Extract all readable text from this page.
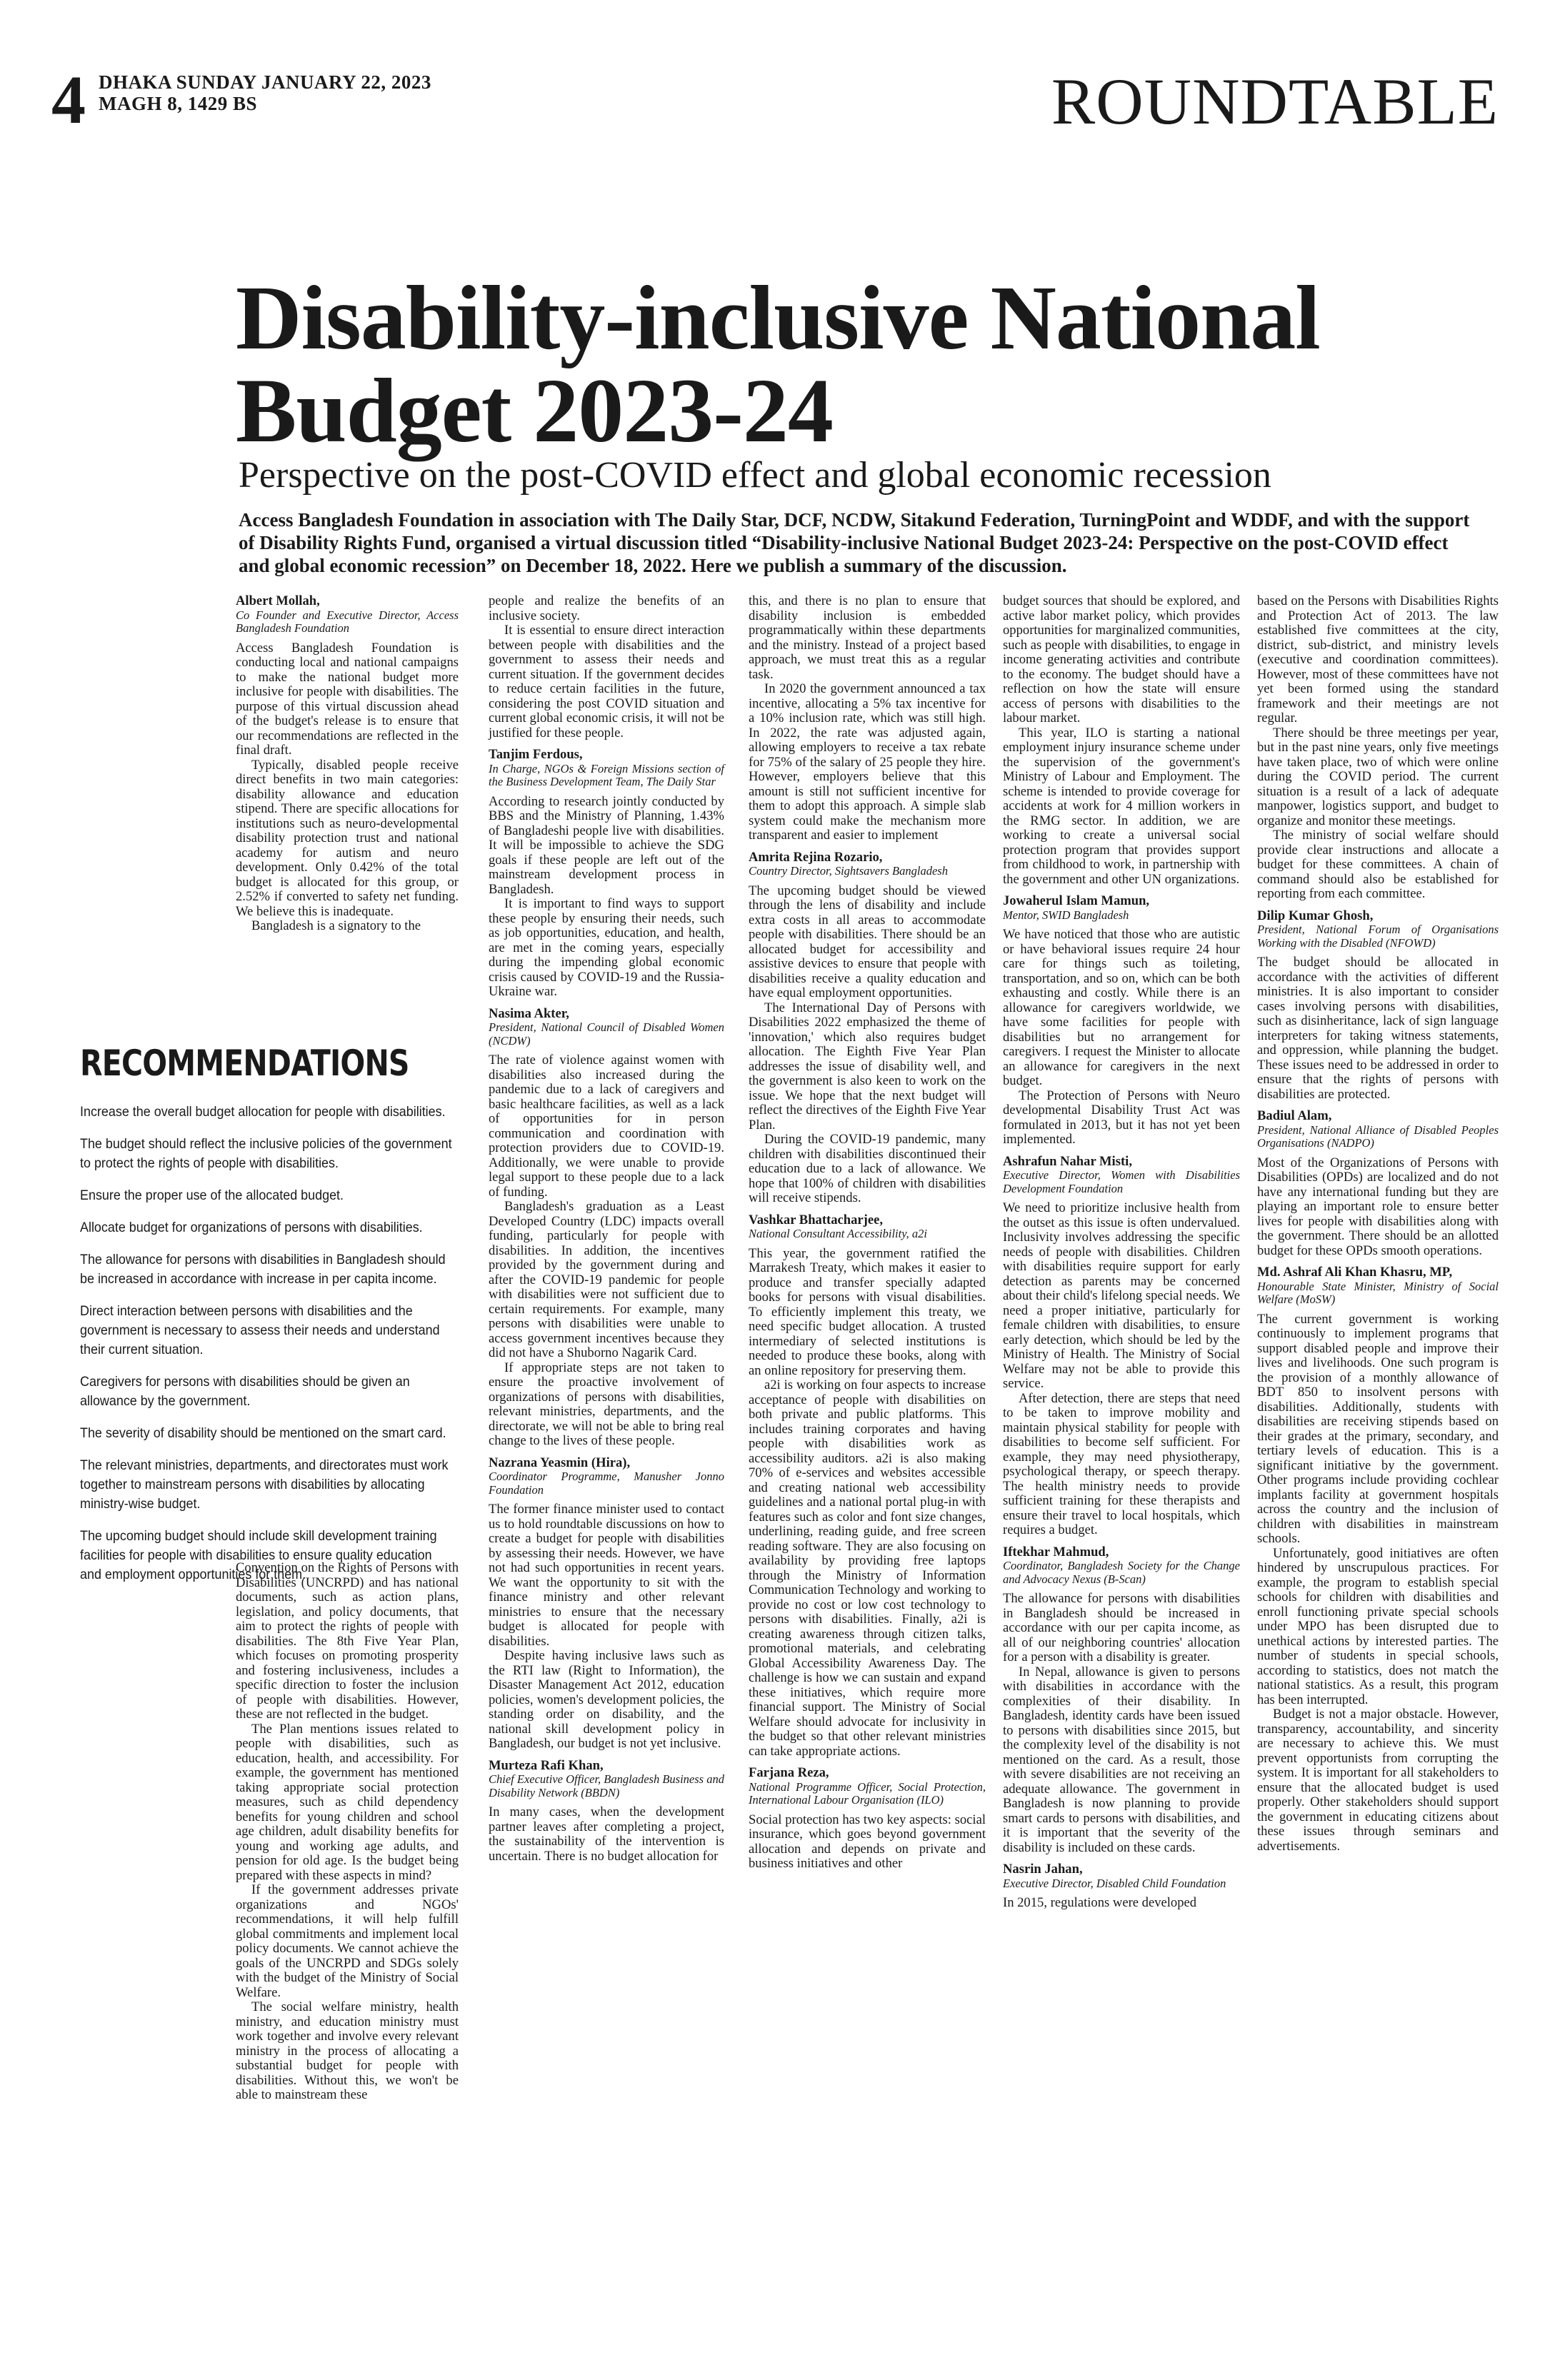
4 DHAKA SUNDAY JANUARY 22, 2023
MAGH 8, 1429 BS	ROUNDTABLE
Disability-inclusive National
Budget 2023-24
Perspective on the post-COVID effect and global economic recession
Access Bangladesh Foundation in association with The Daily Star, DCF, NCDW, Sitakund Federation, TurningPoint and WDDF, and with the support of Disability Rights Fund, organised a virtual discussion titled “Disability-inclusive National Budget 2023-24: Perspective on the post-COVID effect and global economic recession” on December 18, 2022. Here we publish a summary of the discussion.

Albert Mollah,

Co Founder and Executive Director, Access Bangladesh Foundation

Access Bangladesh Foundation is conducting local and national campaigns to make the national budget more inclusive for people with disabilities. The purpose of this virtual discussion ahead of the budget's release is to ensure that our recommendations are reflected in the final draft.

Typically, disabled people receive direct benefits in two main categories: disability allowance and education stipend. There are specific allocations for institutions such as neuro-developmental disability protection trust and national academy for autism and neuro development. Only 0.42% of the total budget is allocated for this group, or 2.52% if converted to safety net funding. We believe this is inadequate.

Bangladesh is a signatory to the

Convention on the Rights of Persons with Disabilities (UNCRPD) and has national documents, such as action plans, legislation, and policy documents, that aim to protect the rights of people with disabilities. The 8th Five Year Plan, which focuses on promoting prosperity and fostering inclusiveness, includes a specific direction to foster the inclusion of people with disabilities. However, these are not reflected in the budget.

The Plan mentions issues related to people with disabilities, such as education, health, and accessibility. For example, the government has mentioned taking appropriate social protection measures, such as child dependency benefits for young children and school age children, adult disability benefits for young and working age adults, and pension for old age. Is the budget being prepared with these aspects in mind?

If the government addresses private organizations and NGOs' recommendations, it will help fulfill global commitments and implement local policy documents. We cannot achieve the goals of the UNCRPD and SDGs solely with the budget of the Ministry of Social Welfare.

The social welfare ministry, health ministry, and education ministry must work together and involve every relevant ministry in the process of allocating a substantial budget for people with disabilities. Without this, we won't be able to mainstream these

RECOMMENDATIONS

Increase the overall budget allocation for people with disabilities.

The budget should reflect the inclusive policies of the government to protect the rights of people with disabilities.

Ensure the proper use of the allocated budget.

Allocate budget for organizations of persons with disabilities.

The allowance for persons with disabilities in Bangladesh should be increased in accordance with increase in per capita income.

Direct interaction between persons with disabilities and the government is necessary to assess their needs and understand their current situation.

Caregivers for persons with disabilities should be given an allowance by the government.

The severity of disability should be mentioned on the smart card.

The relevant ministries, departments, and directorates must work together to mainstream persons with disabilities by allocating ministry-wise budget.

The upcoming budget should include skill development training facilities for people with disabilities to ensure quality education and employment opportunities for them.

people and realize the benefits of an inclusive society.

It is essential to ensure direct interaction between people with disabilities and the government to assess their needs and current situation. If the government decides to reduce certain facilities in the future, considering the post COVID situation and current global economic crisis, it will not be justified for these people.

Tanjim Ferdous,

In Charge, NGOs & Foreign Missions section of the Business Development Team, The Daily Star

According to research jointly conducted by BBS and the Ministry of Planning, 1.43% of Bangladeshi people live with disabilities. It will be impossible to achieve the SDG goals if these people are left out of the mainstream development process in Bangladesh.

It is important to find ways to support these people by ensuring their needs, such as job opportunities, education, and health, are met in the coming years, especially during the impending global economic crisis caused by COVID-19 and the Russia-Ukraine war.

Nasima Akter,

President, National Council of Disabled Women (NCDW)

The rate of violence against women with disabilities also increased during the pandemic due to a lack of caregivers and basic healthcare facilities, as well as a lack of opportunities for in person communication and coordination with protection providers due to COVID-19. Additionally, we were unable to provide legal support to these people due to a lack of funding.

Bangladesh's graduation as a Least Developed Country (LDC) impacts overall funding, particularly for people with disabilities. In addition, the incentives provided by the government during and after the COVID-19 pandemic for people with disabilities were not sufficient due to certain requirements. For example, many persons with disabilities were unable to access government incentives because they did not have a Shuborno Nagarik Card.

If appropriate steps are not taken to ensure the proactive involvement of organizations of persons with disabilities, relevant ministries, departments, and the directorate, we will not be able to bring real change to the lives of these people.

Nazrana Yeasmin (Hira),

Coordinator Programme, Manusher Jonno Foundation

The former finance minister used to contact us to hold roundtable discussions on how to create a budget for people with disabilities by assessing their needs. However, we have not had such opportunities in recent years. We want the opportunity to sit with the finance ministry and other relevant ministries to ensure that the necessary budget is allocated for people with disabilities.

Despite having inclusive laws such as the RTI law (Right to Information), the Disaster Management Act 2012, education policies, women's development policies, the standing order on disability, and the national skill development policy in Bangladesh, our budget is not yet inclusive.

Murteza Rafi Khan,

Chief Executive Officer, Bangladesh Business and Disability Network (BBDN)

In many cases, when the development partner leaves after completing a project, the sustainability of the intervention is uncertain. There is no budget allocation for

this, and there is no plan to ensure that disability inclusion is embedded programmatically within these departments and the ministry. Instead of a project based approach, we must treat this as a regular task.

In 2020 the government announced a tax incentive, allocating a 5% tax incentive for a 10% inclusion rate, which was still high. In 2022, the rate was adjusted again, allowing employers to receive a tax rebate for 75% of the salary of 25 people they hire. However, employers believe that this amount is still not sufficient incentive for them to adopt this approach. A simple slab system could make the mechanism more transparent and easier to implement

Amrita Rejina Rozario,

Country Director, Sightsavers Bangladesh

The upcoming budget should be viewed through the lens of disability and include extra costs in all areas to accommodate people with disabilities. There should be an allocated budget for accessibility and assistive devices to ensure that people with disabilities receive a quality education and have equal employment opportunities.

The International Day of Persons with Disabilities 2022 emphasized the theme of 'innovation,' which also requires budget allocation. The Eighth Five Year Plan addresses the issue of disability well, and the government is also keen to work on the issue. We hope that the next budget will reflect the directives of the Eighth Five Year Plan.

During the COVID-19 pandemic, many children with disabilities discontinued their education due to a lack of allowance. We hope that 100% of children with disabilities will receive stipends.

Vashkar Bhattacharjee,

National Consultant Accessibility, a2i

This year, the government ratified the Marrakesh Treaty, which makes it easier to produce and transfer specially adapted books for persons with visual disabilities. To efficiently implement this treaty, we need specific budget allocation. A trusted intermediary of selected institutions is needed to produce these books, along with an online repository for preserving them.

a2i is working on four aspects to increase acceptance of people with disabilities on both private and public platforms. This includes training corporates and having people with disabilities work as accessibility auditors. a2i is also making 70% of e-services and websites accessible and creating national web accessibility guidelines and a national portal plug-in with features such as color and font size changes, underlining, reading guide, and free screen reading software. They are also focusing on availability by providing free laptops through the Ministry of Information Communication Technology and working to provide no cost or low cost technology to persons with disabilities. Finally, a2i is creating awareness through citizen talks, promotional materials, and celebrating Global Accessibility Awareness Day. The challenge is how we can sustain and expand these initiatives, which require more financial support. The Ministry of Social Welfare should advocate for inclusivity in the budget so that other relevant ministries can take appropriate actions.

Farjana Reza,

National Programme Officer, Social Protection, International Labour Organisation (ILO)

Social protection has two key aspects: social insurance, which goes beyond government allocation and depends on private and business initiatives and other

budget sources that should be explored, and active labor market policy, which provides opportunities for marginalized communities, such as people with disabilities, to engage in income generating activities and contribute to the economy. The budget should have a reflection on how the state will ensure access of persons with disabilities to the labour market.

This year, ILO is starting a national employment injury insurance scheme under the supervision of the government's Ministry of Labour and Employment. The scheme is intended to provide coverage for accidents at work for 4 million workers in the RMG sector. In addition, we are working to create a universal social protection program that provides support from childhood to work, in partnership with the government and other UN organizations.

Jowaherul Islam Mamun,

Mentor, SWID Bangladesh

We have noticed that those who are autistic or have behavioral issues require 24 hour care for things such as toileting, transportation, and so on, which can be both exhausting and costly. While there is an allowance for caregivers worldwide, we have some facilities for people with disabilities but no arrangement for caregivers. I request the Minister to allocate an allowance for caregivers in the next budget.

The Protection of Persons with Neuro developmental Disability Trust Act was formulated in 2013, but it has not yet been implemented.

Ashrafun Nahar Misti,

Executive Director, Women with Disabilities Development Foundation

We need to prioritize inclusive health from the outset as this issue is often undervalued. Inclusivity involves addressing the specific needs of people with disabilities. Children with disabilities require support for early detection as parents may be concerned about their child's lifelong special needs. We need a proper initiative, particularly for female children with disabilities, to ensure early detection, which should be led by the Ministry of Health. The Ministry of Social Welfare may not be able to provide this service.

After detection, there are steps that need to be taken to improve mobility and maintain physical stability for people with disabilities to become self sufficient. For example, they may need physiotherapy, psychological therapy, or speech therapy. The health ministry needs to provide sufficient training for these therapists and ensure their travel to local hospitals, which requires a budget.

Iftekhar Mahmud,

Coordinator, Bangladesh Society for the Change and Advocacy Nexus (B-Scan)

The allowance for persons with disabilities in Bangladesh should be increased in accordance with our per capita income, as all of our neighboring countries' allocation for a person with a disability is greater.

In Nepal, allowance is given to persons with disabilities in accordance with the complexities of their disability. In Bangladesh, identity cards have been issued to persons with disabilities since 2015, but the complexity level of the disability is not mentioned on the card. As a result, those with severe disabilities are not receiving an adequate allowance. The government in Bangladesh is now planning to provide smart cards to persons with disabilities, and it is important that the severity of the disability is included on these cards.

Nasrin Jahan,

Executive Director, Disabled Child Foundation

In 2015, regulations were developed

based on the Persons with Disabilities Rights and Protection Act of 2013. The law established five committees at the city, district, sub-district, and ministry levels (executive and coordination committees). However, most of these committees have not yet been formed using the standard framework and their meetings are not regular.

There should be three meetings per year, but in the past nine years, only five meetings have taken place, two of which were online during the COVID period. The current situation is a result of a lack of adequate manpower, logistics support, and budget to organize and monitor these meetings.

The ministry of social welfare should provide clear instructions and allocate a budget for these committees. A chain of command should also be established for reporting from each committee.

Dilip Kumar Ghosh,

President, National Forum of Organisations Working with the Disabled (NFOWD)

The budget should be allocated in accordance with the activities of different ministries. It is also important to consider cases involving persons with disabilities, such as disinheritance, lack of sign language interpreters for taking witness statements, and oppression, while planning the budget. These issues need to be addressed in order to ensure that the rights of persons with disabilities are protected.

Badiul Alam,

President, National Alliance of Disabled Peoples Organisations (NADPO)

Most of the Organizations of Persons with Disabilities (OPDs) are localized and do not have any international funding but they are playing an important role to ensure better lives for people with disabilities along with the government. There should be an allotted budget for these OPDs smooth operations.

Md. Ashraf Ali Khan Khasru, MP,

Honourable State Minister, Ministry of Social Welfare (MoSW)

The current government is working continuously to implement programs that support disabled people and improve their lives and livelihoods. One such program is the provision of a monthly allowance of BDT 850 to insolvent persons with disabilities. Additionally, students with disabilities are receiving stipends based on their grades at the primary, secondary, and tertiary levels of education. This is a significant initiative by the government. Other programs include providing cochlear implants facility at government hospitals across the country and the inclusion of children with disabilities in mainstream schools.

Unfortunately, good initiatives are often hindered by unscrupulous practices. For example, the program to establish special schools for children with disabilities and enroll functioning private special schools under MPO has been disrupted due to unethical actions by interested parties. The number of students in special schools, according to statistics, does not match the national statistics. As a result, this program has been interrupted.

Budget is not a major obstacle. However, transparency, accountability, and sincerity are necessary to achieve this. We must prevent opportunists from corrupting the system. It is important for all stakeholders to ensure that the allocated budget is used properly. Other stakeholders should support the government in educating citizens about these issues through seminars and advertisements.
